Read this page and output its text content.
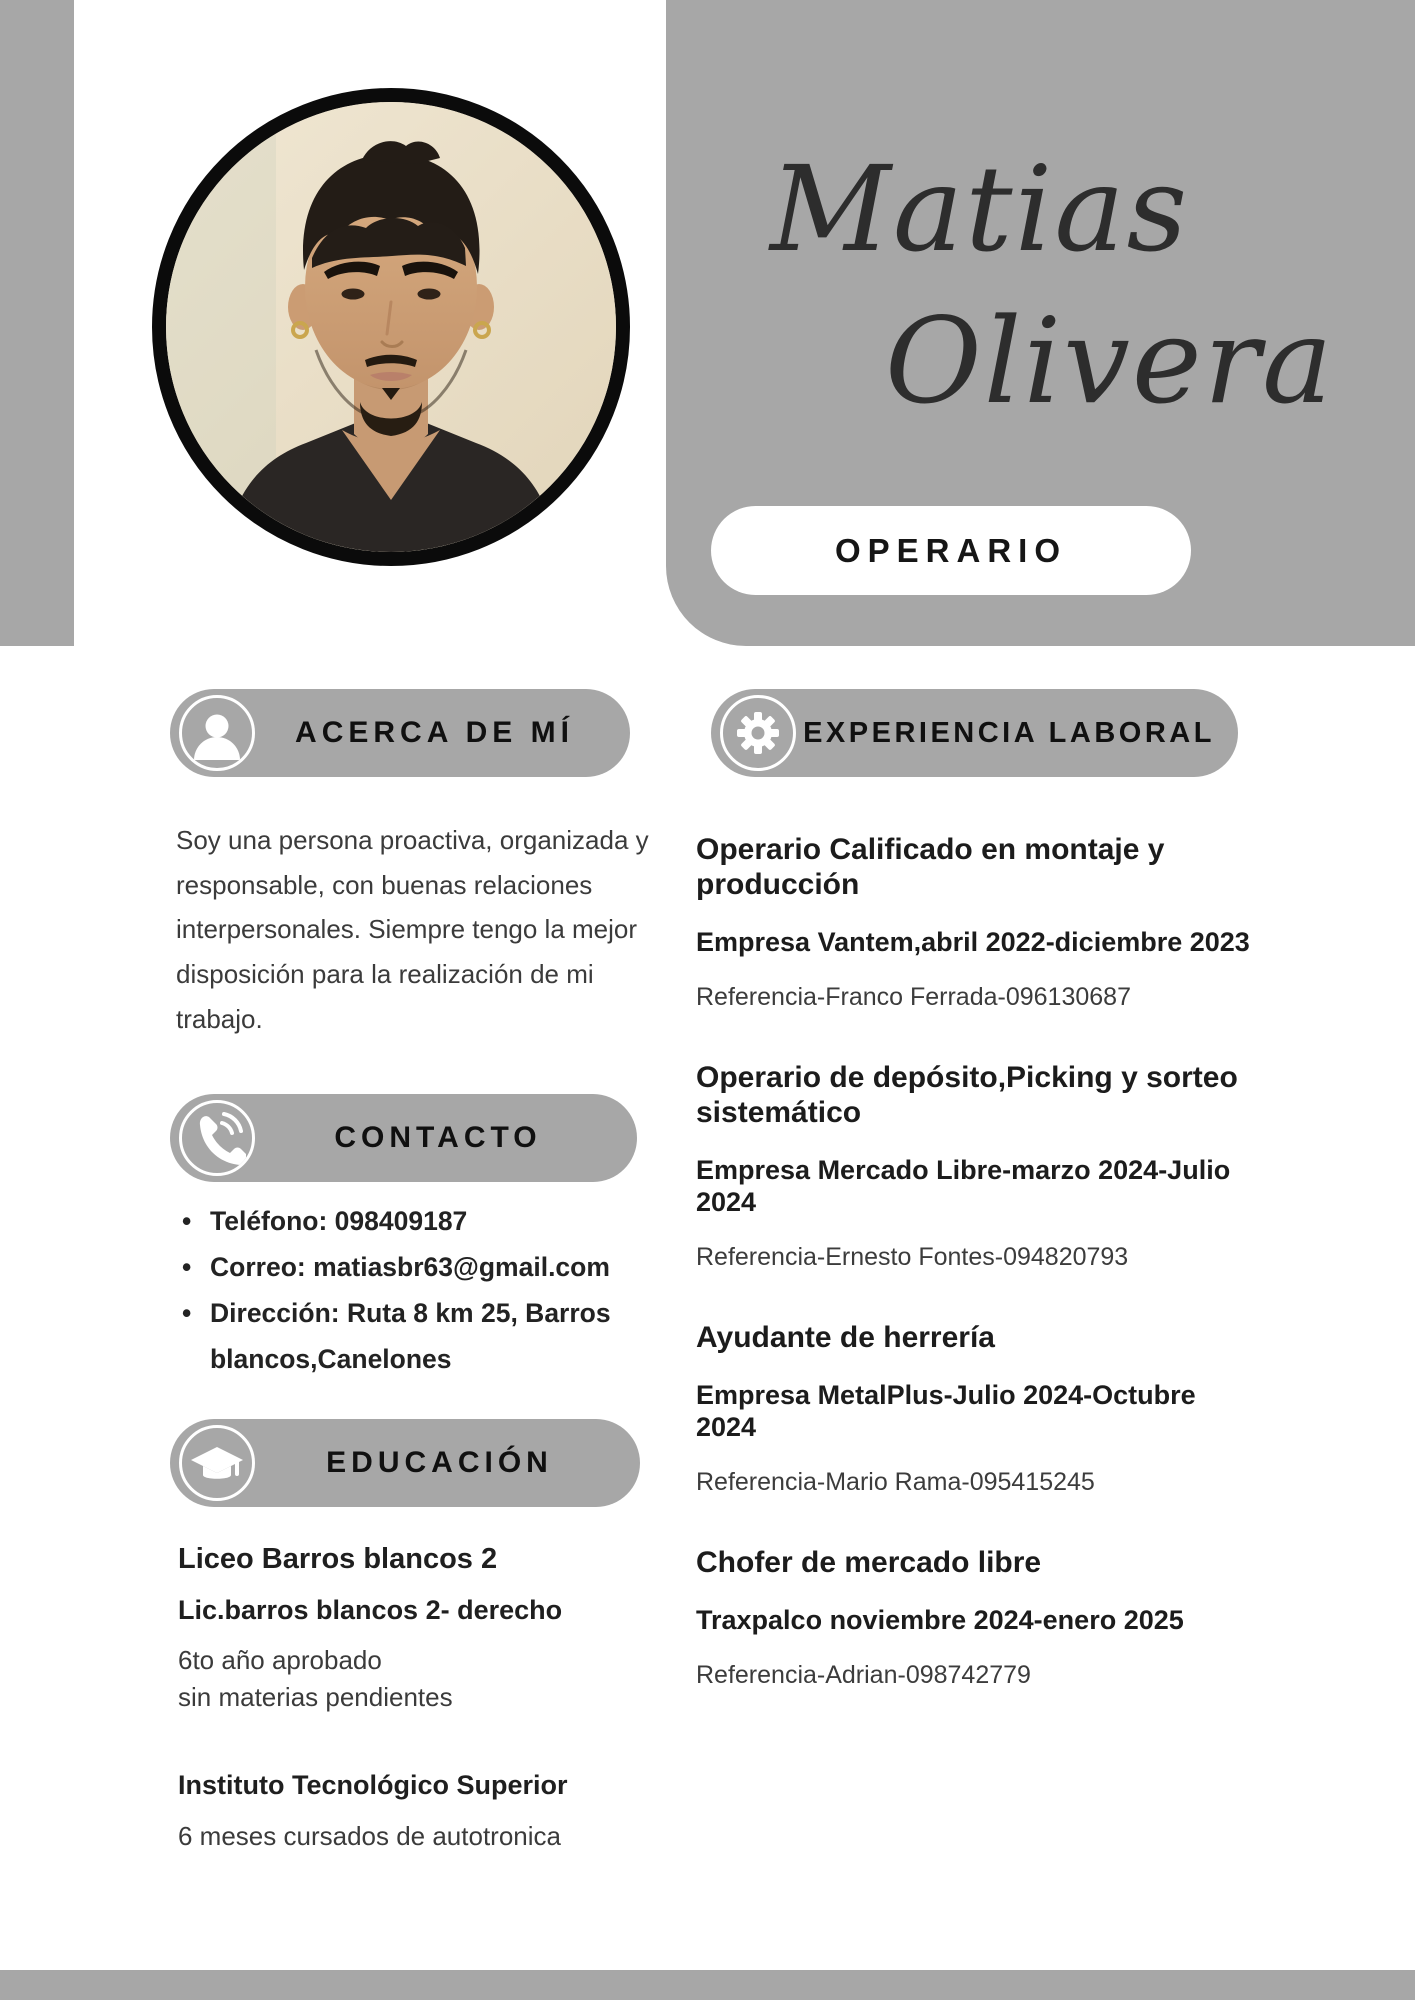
Matias
Olivera
OPERARIO
ACERCA DE MÍ
Soy una persona proactiva, organizada y responsable, con buenas relaciones interpersonales. Siempre tengo la mejor disposición para la realización de mi trabajo.
CONTACTO
• Teléfono: 098409187
• Correo: matiasbr63@gmail.com
• Dirección: Ruta 8 km 25, Barros blancos,Canelones
EDUCACIÓN
Liceo Barros blancos 2
Lic.barros blancos 2- derecho
6to año aprobado
sin materias pendientes
Instituto Tecnológico Superior
6 meses cursados de autotronica
EXPERIENCIA LABORAL
Operario Calificado en montaje y producción
Empresa Vantem,abril 2022-diciembre 2023
Referencia-Franco Ferrada-096130687
Operario de depósito,Picking y sorteo sistemático
Empresa Mercado Libre-marzo 2024-Julio 2024
Referencia-Ernesto Fontes-094820793
Ayudante de herrería
Empresa MetalPlus-Julio 2024-Octubre 2024
Referencia-Mario Rama-095415245
Chofer de mercado libre
Traxpalco noviembre 2024-enero 2025
Referencia-Adrian-098742779
